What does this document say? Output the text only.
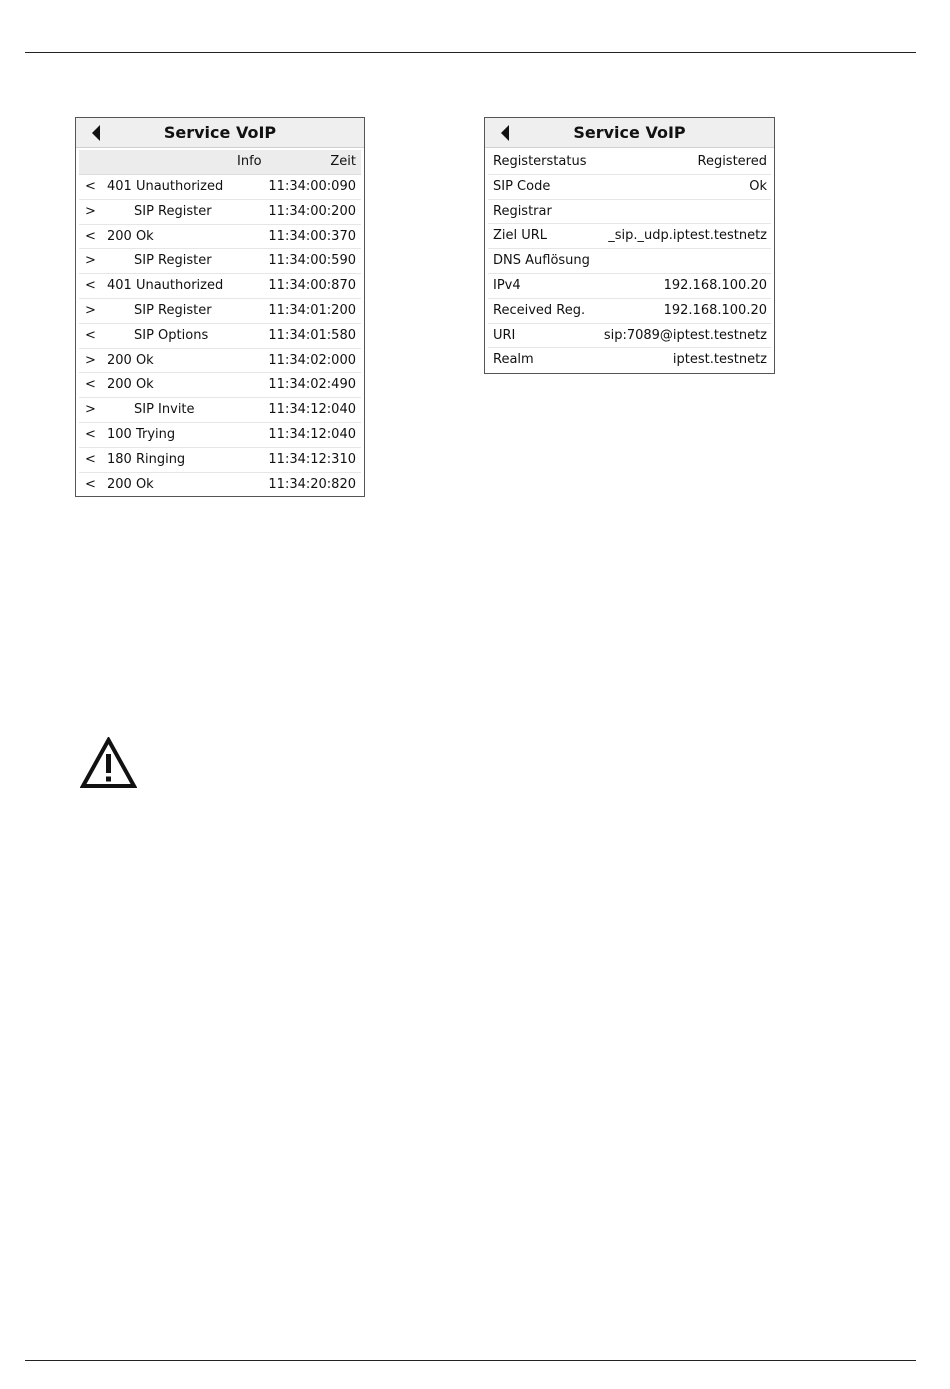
Service VoIP
Info	Zeit
< 401 Unauthorized	11:34:00:090
>	SIP Register	11:34:00:200
< 200 Ok	11:34:00:370
>	SIP Register	11:34:00:590
< 401 Unauthorized	11:34:00:870
>	SIP Register	11:34:01:200
<	SIP Options	11:34:01:580
> 200 Ok	11:34:02:000
< 200 Ok	11:34:02:490
>	SIP Invite	11:34:12:040
< 100 Trying	11:34:12:040
< 180 Ringing	11:34:12:310
< 200 Ok	11:34:20:820
Service VoIP
Registerstatus	Registered
SIP Code	Ok
Registrar
Ziel URL	_sip._udp.iptest.testnetz
DNS Auflösung
IPv4	192.168.100.20
Received Reg.	192.168.100.20
URI	sip:7089@iptest.testnetz
Realm	iptest.testnetz
